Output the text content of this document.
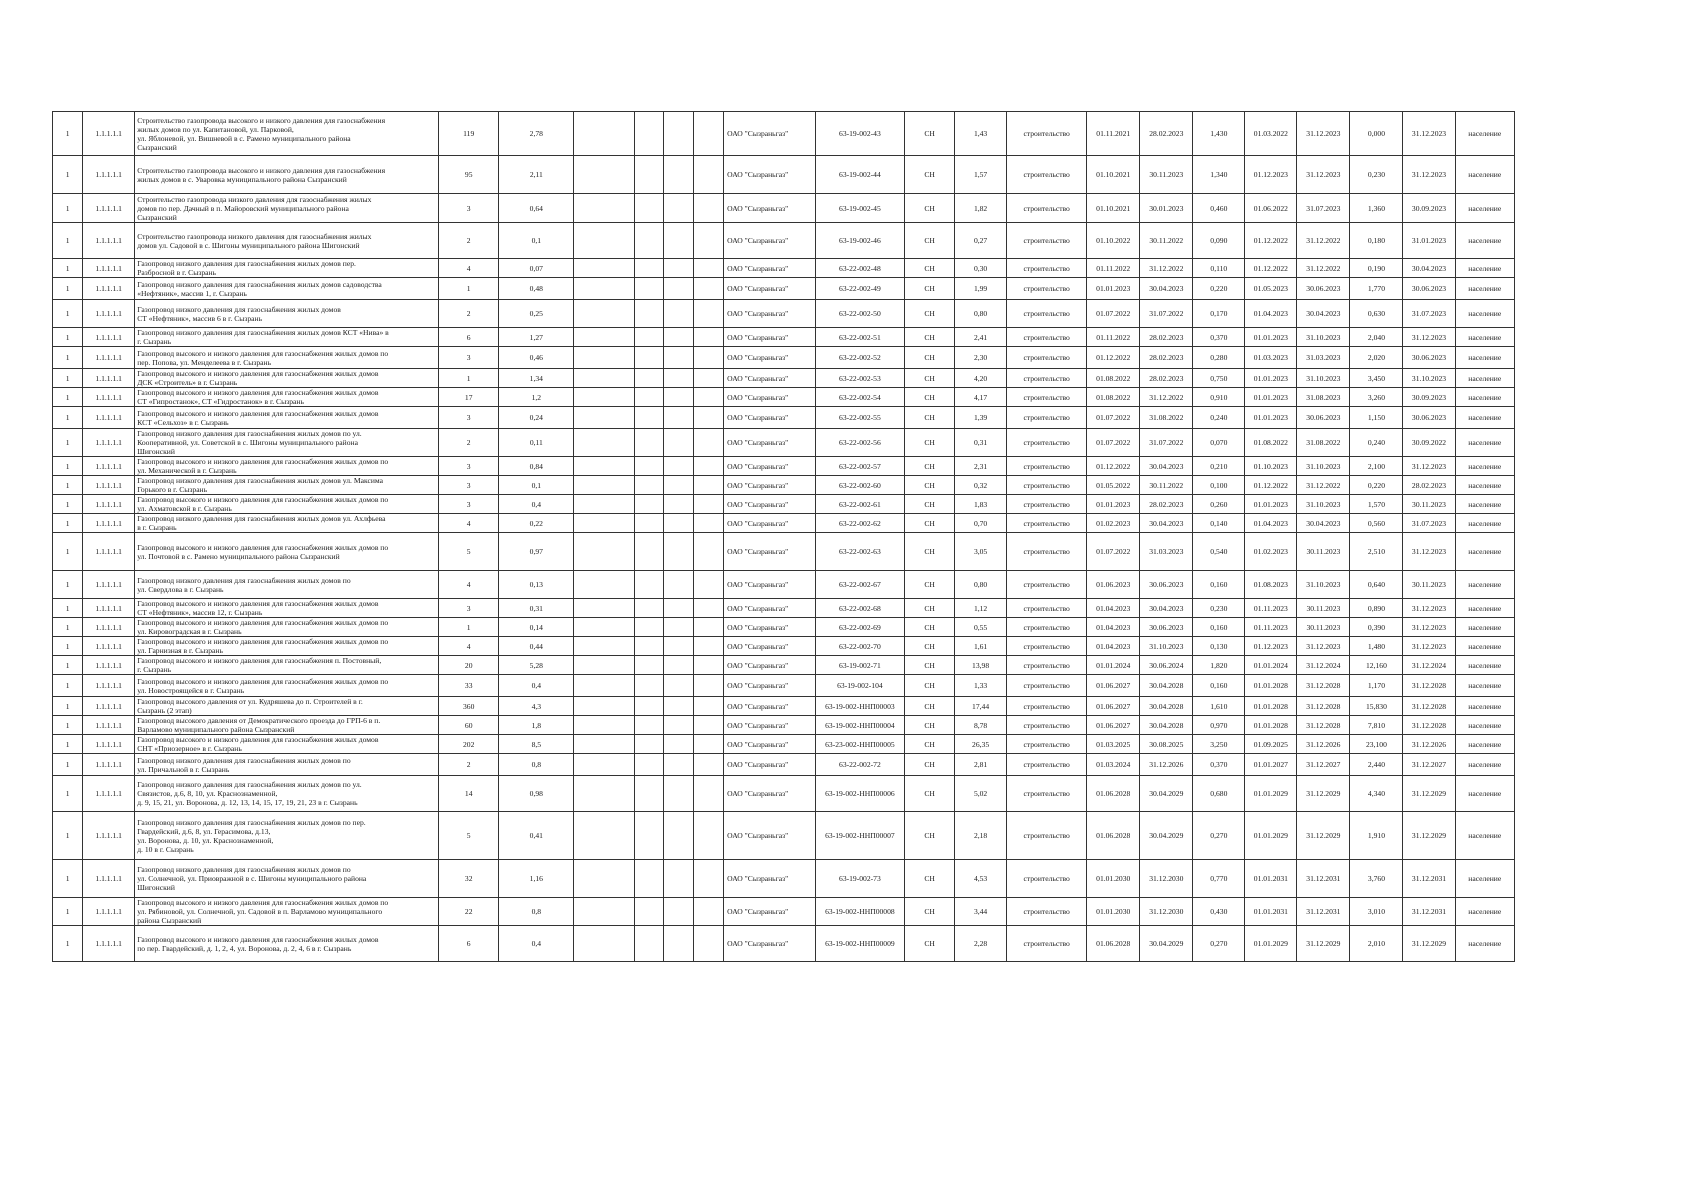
1	1.1.1.1.1	Строительство газопровода высокого и низкого давления для газоснабжения
жилых домов по ул. Капитановой, ул. Парковой,
ул. Яблоневой, ул. Вишневой в с. Рамено муниципального района
Сызранский	119	2,78					ОАО "Сызраньгаз"	63-19-002-43	СН	1,43	строительство	01.11.2021	28.02.2023	1,430	01.03.2022	31.12.2023	0,000	31.12.2023	население
1	1.1.1.1.1	Строительство газопровода высокого и низкого давления для газоснабжения
жилых домов в с. Уваровка муниципального района Сызранский	95	2,11					ОАО "Сызраньгаз"	63-19-002-44	СН	1,57	строительство	01.10.2021	30.11.2023	1,340	01.12.2023	31.12.2023	0,230	31.12.2023	население
1	1.1.1.1.1	Строительство газопровода низкого давления для газоснабжения жилых
домов по пер. Дачный в п. Майоровский муниципального района
Сызранский	3	0,64					ОАО "Сызраньгаз"	63-19-002-45	СН	1,82	строительство	01.10.2021	30.01.2023	0,460	01.06.2022	31.07.2023	1,360	30.09.2023	население
1	1.1.1.1.1	Строительство газопровода низкого давления для газоснабжения жилых
домов ул. Садовой в с. Шигоны муниципального района Шигонский	2	0,1					ОАО "Сызраньгаз"	63-19-002-46	СН	0,27	строительство	01.10.2022	30.11.2022	0,090	01.12.2022	31.12.2022	0,180	31.01.2023	население
1	1.1.1.1.1	Газопровод низкого давления для газоснабжения жилых домов пер.
Разбросной в г. Сызрань	4	0,07					ОАО "Сызраньгаз"	63-22-002-48	СН	0,30	строительство	01.11.2022	31.12.2022	0,110	01.12.2022	31.12.2022	0,190	30.04.2023	население
1	1.1.1.1.1	Газопровод низкого давления для газоснабжения жилых домов садоводства
«Нефтяник», массив 1, г. Сызрань	1	0,48					ОАО "Сызраньгаз"	63-22-002-49	СН	1,99	строительство	01.01.2023	30.04.2023	0,220	01.05.2023	30.06.2023	1,770	30.06.2023	население
1	1.1.1.1.1	Газопровод низкого давления для газоснабжения жилых домов
СТ «Нефтяник», массив 6 в г. Сызрань	2	0,25					ОАО "Сызраньгаз"	63-22-002-50	СН	0,80	строительство	01.07.2022	31.07.2022	0,170	01.04.2023	30.04.2023	0,630	31.07.2023	население
1	1.1.1.1.1	Газопровод низкого давления для газоснабжения жилых домов КСТ «Нива» в
г. Сызрань	6	1,27					ОАО "Сызраньгаз"	63-22-002-51	СН	2,41	строительство	01.11.2022	28.02.2023	0,370	01.01.2023	31.10.2023	2,040	31.12.2023	население
1	1.1.1.1.1	Газопровод высокого и низкого давления для газоснабжения жилых домов по
пер. Попова, ул. Менделеева в г. Сызрань	3	0,46					ОАО "Сызраньгаз"	63-22-002-52	СН	2,30	строительство	01.12.2022	28.02.2023	0,280	01.03.2023	31.03.2023	2,020	30.06.2023	население
1	1.1.1.1.1	Газопровод высокого и низкого давления для газоснабжения жилых домов
ДСК «Строитель» в г. Сызрань	1	1,34					ОАО "Сызраньгаз"	63-22-002-53	СН	4,20	строительство	01.08.2022	28.02.2023	0,750	01.01.2023	31.10.2023	3,450	31.10.2023	население
1	1.1.1.1.1	Газопровод высокого и низкого давления для газоснабжения жилых домов
СТ «Гипростанок», СТ «Гидростанок» в г. Сызрань	17	1,2					ОАО "Сызраньгаз"	63-22-002-54	СН	4,17	строительство	01.08.2022	31.12.2022	0,910	01.01.2023	31.08.2023	3,260	30.09.2023	население
1	1.1.1.1.1	Газопровод высокого и низкого давления для газоснабжения жилых домов
КСТ «Сельхоз» в г. Сызрань	3	0,24					ОАО "Сызраньгаз"	63-22-002-55	СН	1,39	строительство	01.07.2022	31.08.2022	0,240	01.01.2023	30.06.2023	1,150	30.06.2023	население
1	1.1.1.1.1	Газопровод низкого давления для газоснабжения жилых домов по ул.
Кооперативной, ул. Советской в с. Шигоны муниципального района
Шигонский	2	0,11					ОАО "Сызраньгаз"	63-22-002-56	СН	0,31	строительство	01.07.2022	31.07.2022	0,070	01.08.2022	31.08.2022	0,240	30.09.2022	население
1	1.1.1.1.1	Газопровод высокого и низкого давления для газоснабжения жилых домов по
ул. Механической в г. Сызрань	3	0,84					ОАО "Сызраньгаз"	63-22-002-57	СН	2,31	строительство	01.12.2022	30.04.2023	0,210	01.10.2023	31.10.2023	2,100	31.12.2023	население
1	1.1.1.1.1	Газопровод низкого давления для газоснабжения жилых домов ул. Максима
Горького в г. Сызрань	3	0,1					ОАО "Сызраньгаз"	63-22-002-60	СН	0,32	строительство	01.05.2022	30.11.2022	0,100	01.12.2022	31.12.2022	0,220	28.02.2023	население
1	1.1.1.1.1	Газопровод высокого и низкого давления для газоснабжения жилых домов по
ул. Ахматовской в г. Сызрань	3	0,4					ОАО "Сызраньгаз"	63-22-002-61	СН	1,83	строительство	01.01.2023	28.02.2023	0,260	01.01.2023	31.10.2023	1,570	30.11.2023	население
1	1.1.1.1.1	Газопровод низкого давления для газоснабжения жилых домов ул. Ахлфьева
в г. Сызрань	4	0,22					ОАО "Сызраньгаз"	63-22-002-62	СН	0,70	строительство	01.02.2023	30.04.2023	0,140	01.04.2023	30.04.2023	0,560	31.07.2023	население
1	1.1.1.1.1	Газопровод высокого и низкого давления для газоснабжения жилых домов по
ул. Почтовой в с. Рамено муниципального района Сызранский	5	0,97					ОАО "Сызраньгаз"	63-22-002-63	СН	3,05	строительство	01.07.2022	31.03.2023	0,540	01.02.2023	30.11.2023	2,510	31.12.2023	население
1	1.1.1.1.1	Газопровод низкого давления для газоснабжения жилых домов по
ул. Свердлова в г. Сызрань	4	0,13					ОАО "Сызраньгаз"	63-22-002-67	СН	0,80	строительство	01.06.2023	30.06.2023	0,160	01.08.2023	31.10.2023	0,640	30.11.2023	население
1	1.1.1.1.1	Газопровод высокого и низкого давления для газоснабжения жилых домов
СТ «Нефтяник», массив 12, г. Сызрань	3	0,31					ОАО "Сызраньгаз"	63-22-002-68	СН	1,12	строительство	01.04.2023	30.04.2023	0,230	01.11.2023	30.11.2023	0,890	31.12.2023	население
1	1.1.1.1.1	Газопровод высокого и низкого давления для газоснабжения жилых домов по
ул. Кировоградская в г. Сызрань	1	0,14					ОАО "Сызраньгаз"	63-22-002-69	СН	0,55	строительство	01.04.2023	30.06.2023	0,160	01.11.2023	30.11.2023	0,390	31.12.2023	население
1	1.1.1.1.1	Газопровод высокого и низкого давления для газоснабжения жилых домов по
ул. Гарнизная в г. Сызрань	4	0,44					ОАО "Сызраньгаз"	63-22-002-70	СН	1,61	строительство	01.04.2023	31.10.2023	0,130	01.12.2023	31.12.2023	1,480	31.12.2023	население
1	1.1.1.1.1	Газопровод высокого и низкого давления для газоснабжения п. Постовный,
г. Сызрань	20	5,28					ОАО "Сызраньгаз"	63-19-002-71	СН	13,98	строительство	01.01.2024	30.06.2024	1,820	01.01.2024	31.12.2024	12,160	31.12.2024	население
1	1.1.1.1.1	Газопровод высокого и низкого давления для газоснабжения жилых домов по
ул. Новостроящейся в г. Сызрань	33	0,4					ОАО "Сызраньгаз"	63-19-002-104	СН	1,33	строительство	01.06.2027	30.04.2028	0,160	01.01.2028	31.12.2028	1,170	31.12.2028	население
1	1.1.1.1.1	Газопровод высокого давления от ул. Кудряшева до п. Строителей в г.
Сызрань (2 этап)	360	4,3					ОАО "Сызраньгаз"	63-19-002-ННП00003	СН	17,44	строительство	01.06.2027	30.04.2028	1,610	01.01.2028	31.12.2028	15,830	31.12.2028	население
1	1.1.1.1.1	Газопровод высокого давления от Демократического проезда до ГРП-6 в п.
Варламово муниципального района Сызранский	60	1,8					ОАО "Сызраньгаз"	63-19-002-ННП00004	СН	8,78	строительство	01.06.2027	30.04.2028	0,970	01.01.2028	31.12.2028	7,810	31.12.2028	население
1	1.1.1.1.1	Газопровод высокого и низкого давления для газоснабжения жилых домов
СНТ «Приозерное» в г. Сызрань	202	8,5					ОАО "Сызраньгаз"	63-23-002-ННП00005	СН	26,35	строительство	01.03.2025	30.08.2025	3,250	01.09.2025	31.12.2026	23,100	31.12.2026	население
1	1.1.1.1.1	Газопровод низкого давления для газоснабжения жилых домов по
ул. Причальной в г. Сызрань	2	0,8					ОАО "Сызраньгаз"	63-22-002-72	СН	2,81	строительство	01.03.2024	31.12.2026	0,370	01.01.2027	31.12.2027	2,440	31.12.2027	население
1	1.1.1.1.1	Газопровод низкого давления для газоснабжения жилых домов по ул.
Связистов, д.6, 8, 10, ул. Краснознаменной,
д. 9, 15, 21, ул. Воронова, д. 12, 13, 14, 15, 17, 19, 21, 23 в г. Сызрань	14	0,98					ОАО "Сызраньгаз"	63-19-002-ННП00006	СН	5,02	строительство	01.06.2028	30.04.2029	0,680	01.01.2029	31.12.2029	4,340	31.12.2029	население
1	1.1.1.1.1	Газопровод низкого давления для газоснабжения жилых домов по пер.
Гвардейский, д.6, 8, ул. Герасимова, д.13,
ул. Воронова, д. 10, ул. Краснознаменной,
д. 10 в г. Сызрань	5	0,41					ОАО "Сызраньгаз"	63-19-002-ННП00007	СН	2,18	строительство	01.06.2028	30.04.2029	0,270	01.01.2029	31.12.2029	1,910	31.12.2029	население
1	1.1.1.1.1	Газопровод низкого давления для газоснабжения жилых домов по
ул. Солнечной, ул. Приовражной в с. Шигоны муниципального района
Шигонский	32	1,16					ОАО "Сызраньгаз"	63-19-002-73	СН	4,53	строительство	01.01.2030	31.12.2030	0,770	01.01.2031	31.12.2031	3,760	31.12.2031	население
1	1.1.1.1.1	Газопровод высокого и низкого давления для газоснабжения жилых домов по
ул. Рябиновой, ул. Солнечной, ул. Садовой в п. Варламово муниципального
района Сызранский	22	0,8					ОАО "Сызраньгаз"	63-19-002-ННП00008	СН	3,44	строительство	01.01.2030	31.12.2030	0,430	01.01.2031	31.12.2031	3,010	31.12.2031	население
1	1.1.1.1.1	Газопровод высокого и низкого давления для газоснабжения жилых домов
по пер. Гвардейский, д. 1, 2, 4, ул. Воронова, д. 2, 4, 6 в г. Сызрань	6	0,4					ОАО "Сызраньгаз"	63-19-002-ННП00009	СН	2,28	строительство	01.06.2028	30.04.2029	0,270	01.01.2029	31.12.2029	2,010	31.12.2029	население
